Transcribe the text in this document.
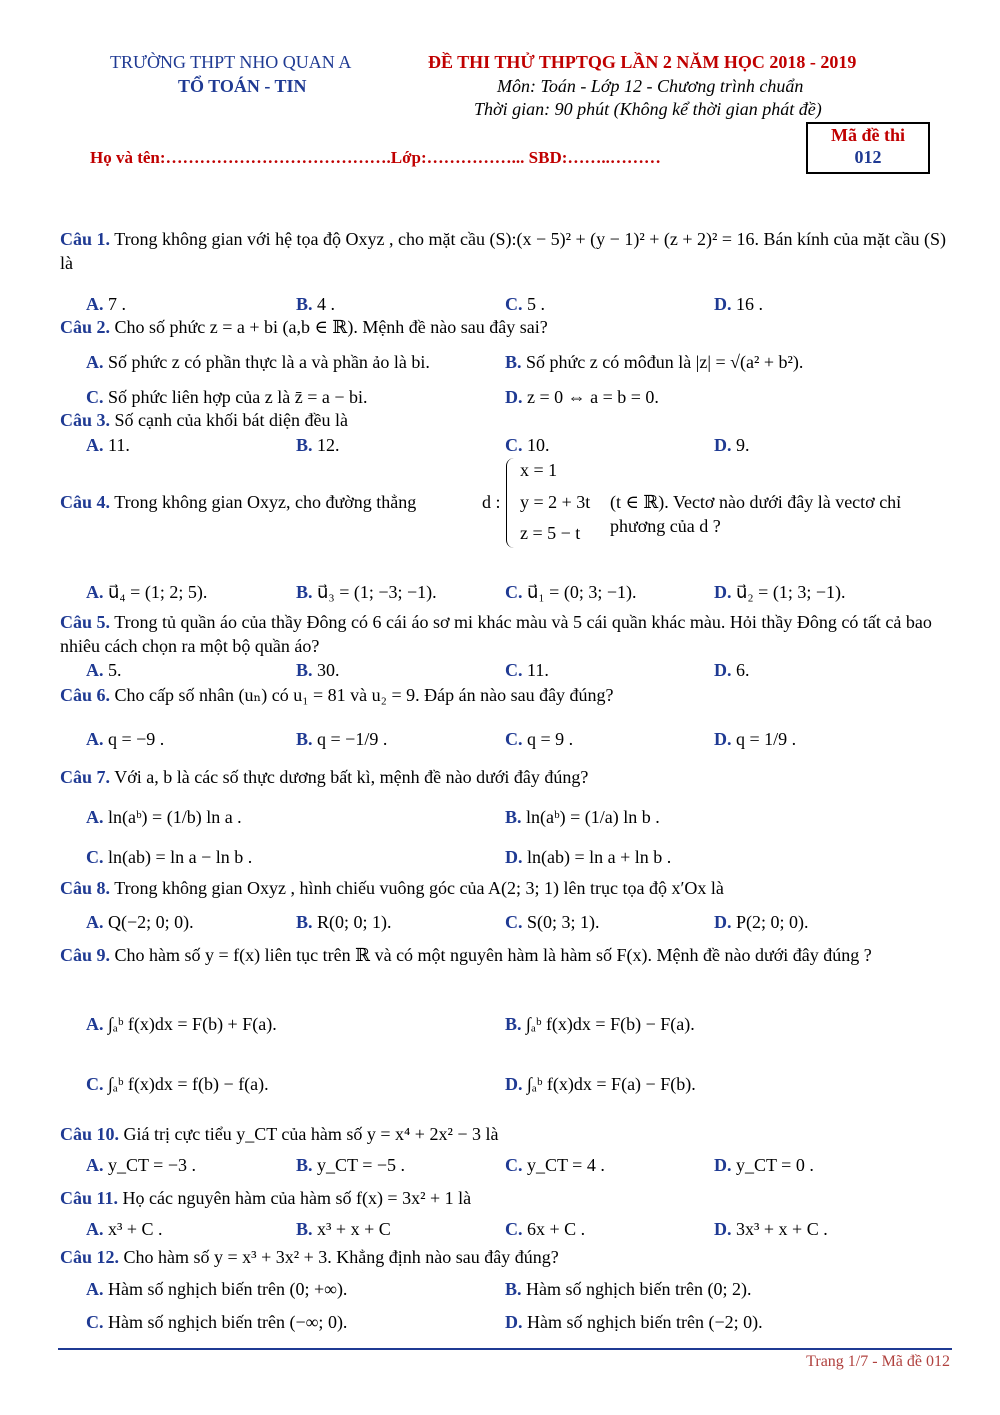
TRƯỜNG THPT NHO QUAN A
TỔ TOÁN - TIN
ĐỀ THI THỬ THPTQG LẦN 2 NĂM HỌC 2018 - 2019
Môn: Toán - Lớp 12 - Chương trình chuẩn
Thời gian: 90 phút (Không kể thời gian phát đề)
Mã đề thi
012
Họ và tên:………………………………….Lớp:……………... SBD:……..………
Câu 1. Trong không gian với hệ tọa độ Oxyz , cho mặt cầu (S):(x − 5)² + (y − 1)² + (z + 2)² = 16. Bán kính của mặt cầu (S) là
A. 7 .	B. 4 .	C. 5 .	D. 16 .
Câu 2. Cho số phức z = a + bi (a,b ∈ ℝ). Mệnh đề nào sau đây sai?
A. Số phức z có phần thực là a và phần ảo là bi.	B. Số phức z có môđun là |z| = √(a² + b²).
C. Số phức liên hợp của z là z̄ = a − bi.	D. z = 0 ⇔ a = b = 0.
Câu 3. Số cạnh của khối bát diện đều là
A. 11.	B. 12.	C. 10.	D. 9.
Câu 4. Trong không gian Oxyz, cho đường thẳng	d :
x = 1
y = 2 + 3t
z = 5 − t
(t ∈ ℝ). Vectơ nào dưới đây là vectơ chỉ phương của d ?
A. u⃗₄ = (1; 2; 5).	B. u⃗₃ = (1; −3; −1).	C. u⃗₁ = (0; 3; −1).	D. u⃗₂ = (1; 3; −1).
Câu 5. Trong tủ quần áo của thầy Đông có 6 cái áo sơ mi khác màu và 5 cái quần khác màu. Hỏi thầy Đông có tất cả bao nhiêu cách chọn ra một bộ quần áo?
A. 5.	B. 30.	C. 11.	D. 6.
Câu 6. Cho cấp số nhân (uₙ) có u₁ = 81 và u₂ = 9. Đáp án nào sau đây đúng?
A. q = −9 .	B. q = −1/9 .	C. q = 9 .	D. q = 1/9 .
Câu 7. Với a, b là các số thực dương bất kì, mệnh đề nào dưới đây đúng?
A. ln(aᵇ) = (1/b) ln a .	B. ln(aᵇ) = (1/a) ln b .
C. ln(ab) = ln a − ln b .	D. ln(ab) = ln a + ln b .
Câu 8. Trong không gian Oxyz , hình chiếu vuông góc của A(2; 3; 1) lên trục tọa độ x′Ox là
A. Q(−2; 0; 0).	B. R(0; 0; 1).	C. S(0; 3; 1).	D. P(2; 0; 0).
Câu 9. Cho hàm số y = f(x) liên tục trên ℝ và có một nguyên hàm là hàm số F(x). Mệnh đề nào dưới đây đúng ?
A. ∫ₐᵇ f(x)dx = F(b) + F(a).	B. ∫ₐᵇ f(x)dx = F(b) − F(a).
C. ∫ₐᵇ f(x)dx = f(b) − f(a).	D. ∫ₐᵇ f(x)dx = F(a) − F(b).
Câu 10. Giá trị cực tiểu y_CT của hàm số y = x⁴ + 2x² − 3 là
A. y_CT = −3 .	B. y_CT = −5 .	C. y_CT = 4 .	D. y_CT = 0 .
Câu 11. Họ các nguyên hàm của hàm số f(x) = 3x² + 1 là
A. x³ + C .	B. x³ + x + C	C. 6x + C .	D. 3x³ + x + C .
Câu 12. Cho hàm số y = x³ + 3x² + 3. Khẳng định nào sau đây đúng?
A. Hàm số nghịch biến trên (0; +∞).	B. Hàm số nghịch biến trên (0; 2).
C. Hàm số nghịch biến trên (−∞; 0).	D. Hàm số nghịch biến trên (−2; 0).
Trang 1/7 - Mã đề 012
